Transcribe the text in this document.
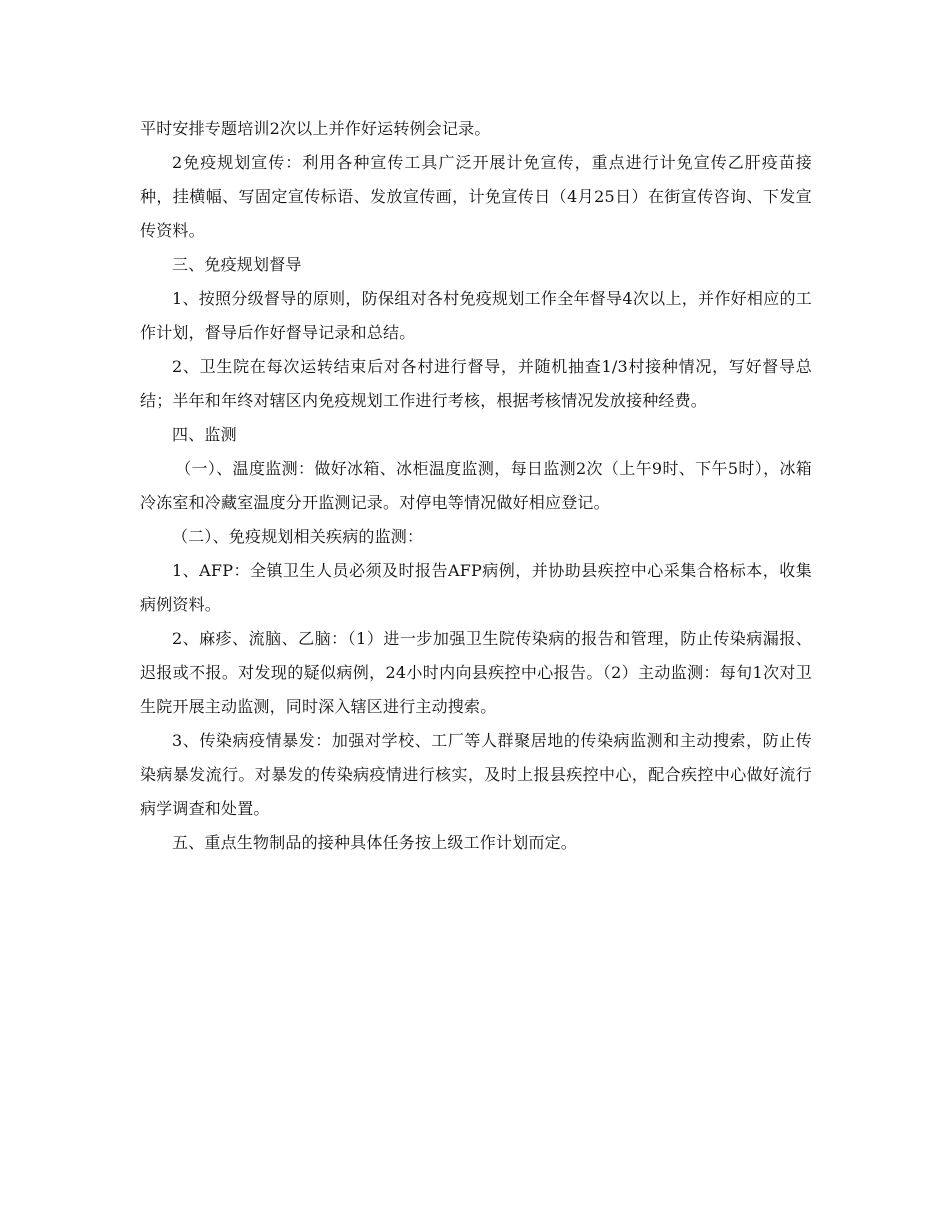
平时安排专题培训2次以上并作好运转例会记录。

2免疫规划宣传：利用各种宣传工具广泛开展计免宣传，重点进行计免宣传乙肝疫苗接种，挂横幅、写固定宣传标语、发放宣传画，计免宣传日（4月25日）在街宣传咨询、下发宣传资料。

三、免疫规划督导

1、按照分级督导的原则，防保组对各村免疫规划工作全年督导4次以上，并作好相应的工作计划，督导后作好督导记录和总结。

2、卫生院在每次运转结束后对各村进行督导，并随机抽查1/3村接种情况，写好督导总结；半年和年终对辖区内免疫规划工作进行考核，根据考核情况发放接种经费。

四、监测

（一）、温度监测：做好冰箱、冰柜温度监测，每日监测2次（上午9时、下午5时），冰箱冷冻室和冷藏室温度分开监测记录。对停电等情况做好相应登记。

（二）、免疫规划相关疾病的监测：

1、AFP：全镇卫生人员必须及时报告AFP病例，并协助县疾控中心采集合格标本，收集病例资料。

2、麻疹、流脑、乙脑：（1）进一步加强卫生院传染病的报告和管理，防止传染病漏报、迟报或不报。对发现的疑似病例，24小时内向县疾控中心报告。（2）主动监测：每旬1次对卫生院开展主动监测，同时深入辖区进行主动搜索。

3、传染病疫情暴发：加强对学校、工厂等人群聚居地的传染病监测和主动搜索，防止传染病暴发流行。对暴发的传染病疫情进行核实，及时上报县疾控中心，配合疾控中心做好流行病学调查和处置。

五、重点生物制品的接种具体任务按上级工作计划而定。
